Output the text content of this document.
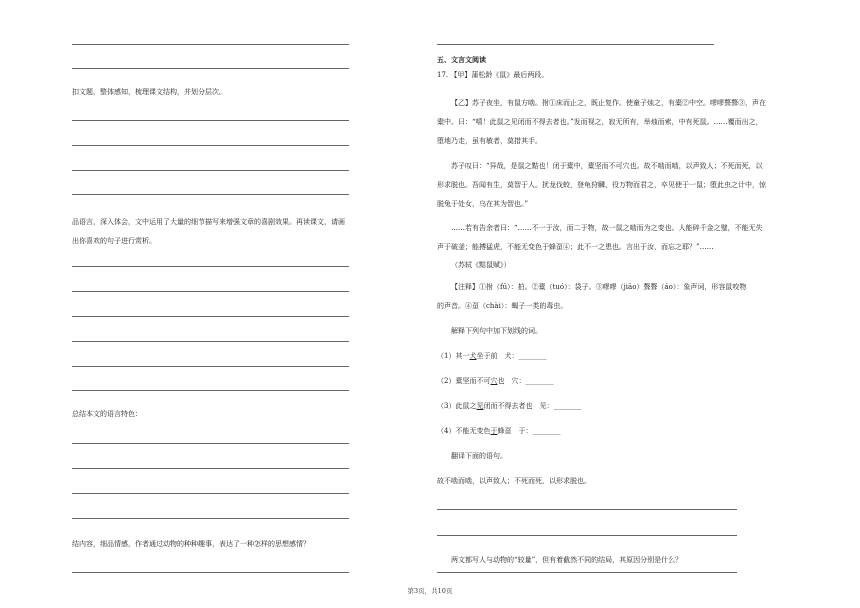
扣文题，整体感知，梳理课文结构，并划分层次。
品语言，深入体会，文中运用了大量的细节描写来增强文章的喜剧效果。再读课文，请画出你喜欢的句子进行赏析。
总结本文的语言特色：
结内容，细品情感，作者通过动物的种种趣事，表达了一种怎样的思想感情？
五、文言文阅读
17. 【甲】蒲松龄《鼠》最后两段。
【乙】苏子夜坐，有鼠方啮。拊①床而止之，既止复作。使童子烛之，有橐②中空。嘐嘐聱聱③，声在橐中。曰：“嘻！此鼠之见闭而不得去者也。”发而视之，寂无所有，举烛而索，中有死鼠。……覆而出之，堕地乃走，虽有敏者，莫措其手。
苏子叹曰：“异哉，是鼠之黠也！闭于橐中，橐坚而不可穴也。故不啮而啮，以声致人；不死而死，以形求脱也。吾闻有生，莫智于人。扰龙伐蛟，登龟狩麟，役万物而君之，卒见使于一鼠；堕此虫之计中，惊脱兔于处女，乌在其为智也。”
……若有告余者曰：“……不一于汝，而二于物，故一鼠之啮而为之变也。人能碎千金之璧，不能无失声于破釜；能搏猛虎，不能无变色于蜂虿④；此不一之患也。言出于汝，而忘之耶？”……
（苏轼《黠鼠赋》）
【注释】①拊（fǔ）：拍。②橐（tuó）：袋子。③嘐嘐（jiāo）聱聱（áo）：象声词，形容鼠咬物
的声音。④虿（chài）：蝎子一类的毒虫。
解释下列句中加下划线的词。
（1）其一犬坐于前　犬：________
（2）橐坚而不可穴也　穴：________
（3）此鼠之见闭而不得去者也　见：________
（4）不能无变色于蜂虿　于：________
翻译下面的语句。
故不啮而啮，以声致人；不死而死，以形求脱也。
两文都写人与动物的“较量”，但有着截然不同的结局，其原因分别是什么？
第3页，共10页
